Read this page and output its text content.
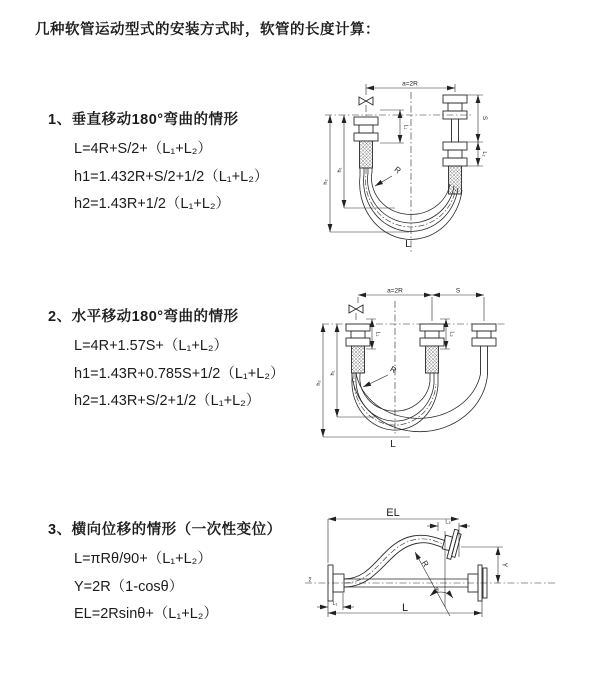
几种软管运动型式的安装方式时，软管的长度计算：
1、垂直移动180°弯曲的情形
L=4R+S/2+（L₁+L₂）
h1=1.432R+S/2+1/2（L₁+L₂）
h2=1.43R+1/2（L₁+L₂）
2、水平移动180°弯曲的情形
L=4R+1.57S+（L₁+L₂）
h1=1.43R+0.785S+1/2（L₁+L₂）
h2=1.43R+S/2+1/2（L₁+L₂）
3、横向位移的情形（一次性变位）
L=πRθ/90+（L₁+L₂）
Y=2R（1-cosθ）
EL=2Rsinθ+（L₁+L₂）
a=2R
S
L₂
L₁
h₂
h₁	R
L
a=2R	S
h₂
h₁
L₁	L₂
R
L
EL
L₂
Y
R
θ
L
L₁
z
